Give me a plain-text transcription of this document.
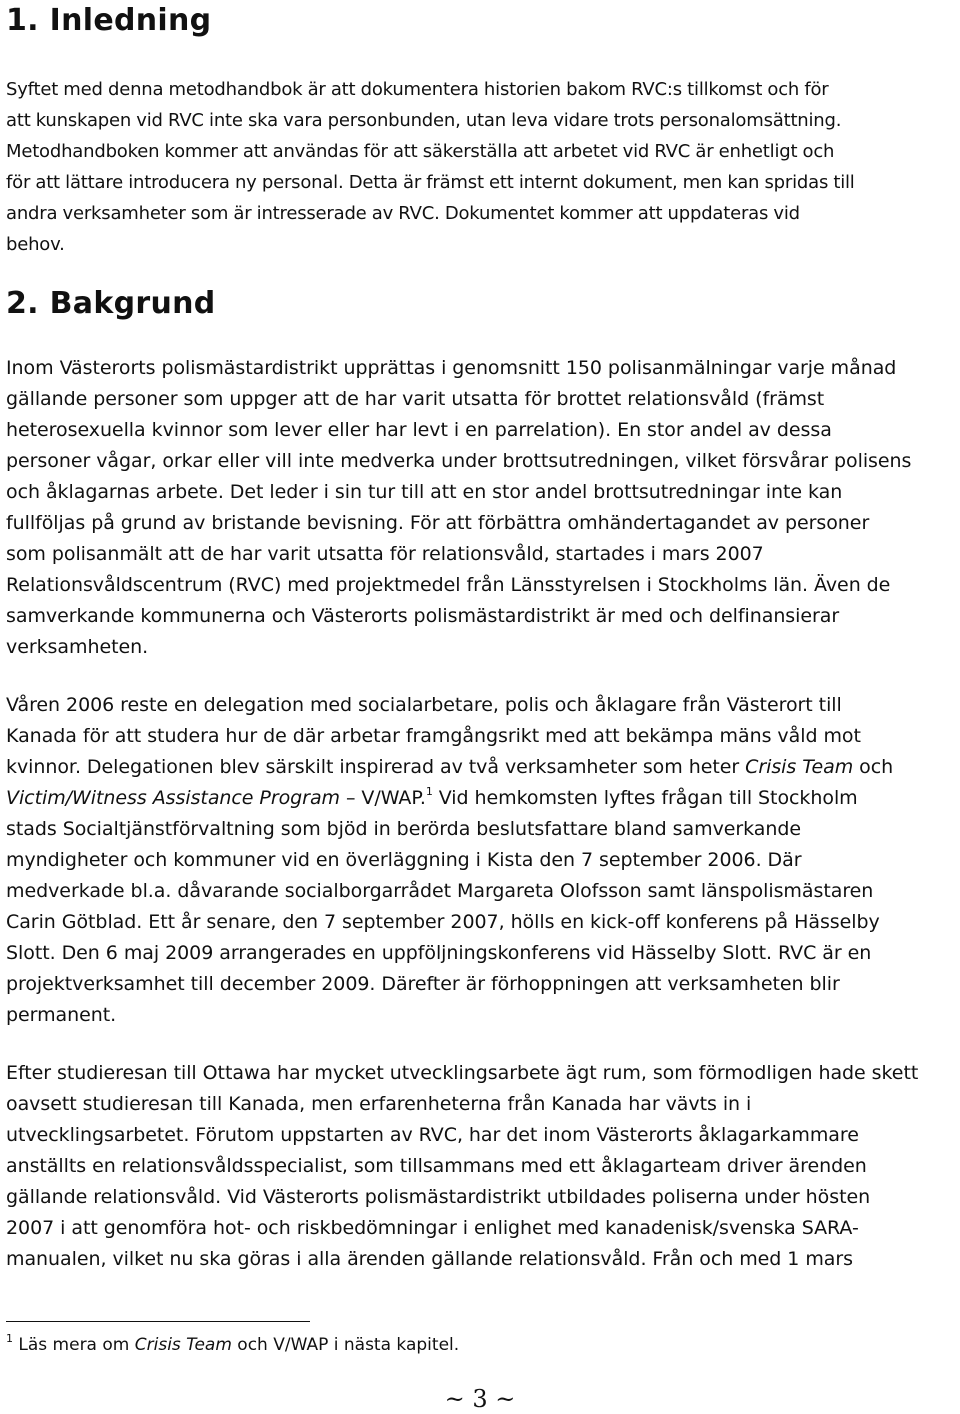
1. Inledning

Syftet med denna metodhandbok är att dokumentera historien bakom RVC:s tillkomst och för
att kunskapen vid RVC inte ska vara personbunden, utan leva vidare trots personalomsättning.
Metodhandboken kommer att användas för att säkerställa att arbetet vid RVC är enhetligt och
för att lättare introducera ny personal. Detta är främst ett internt dokument, men kan spridas till
andra verksamheter som är intresserade av RVC. Dokumentet kommer att uppdateras vid
behov.

2. Bakgrund

Inom Västerorts polismästardistrikt upprättas i genomsnitt 150 polisanmälningar varje månad
gällande personer som uppger att de har varit utsatta för brottet relationsvåld (främst
heterosexuella kvinnor som lever eller har levt i en parrelation). En stor andel av dessa
personer vågar, orkar eller vill inte medverka under brottsutredningen, vilket försvårar polisens
och åklagarnas arbete. Det leder i sin tur till att en stor andel brottsutredningar inte kan
fullföljas på grund av bristande bevisning. För att förbättra omhändertagandet av personer
som polisanmält att de har varit utsatta för relationsvåld, startades i mars 2007
Relationsvåldscentrum (RVC) med projektmedel från Länsstyrelsen i Stockholms län. Även de
samverkande kommunerna och Västerorts polismästardistrikt är med och delfinansierar
verksamheten.

Våren 2006 reste en delegation med socialarbetare, polis och åklagare från Västerort till
Kanada för att studera hur de där arbetar framgångsrikt med att bekämpa mäns våld mot
kvinnor. Delegationen blev särskilt inspirerad av två verksamheter som heter Crisis Team och
Victim/Witness Assistance Program – V/WAP.$^1$ Vid hemkomsten lyftes frågan till Stockholm
stads Socialtjänstförvaltning som bjöd in berörda beslutsfattare bland samverkande
myndigheter och kommuner vid en överläggning i Kista den 7 september 2006. Där
medverkade bl.a. dåvarande socialborgarrådet Margareta Olofsson samt länspolismästaren
Carin Götblad. Ett år senare, den 7 september 2007, hölls en kick-off konferens på Hässelby
Slott. Den 6 maj 2009 arrangerades en uppföljningskonferens vid Hässelby Slott. RVC är en
projektverksamhet till december 2009. Därefter är förhoppningen att verksamheten blir
permanent.

Efter studieresan till Ottawa har mycket utvecklingsarbete ägt rum, som förmodligen hade skett
oavsett studieresan till Kanada, men erfarenheterna från Kanada har vävts in i
utvecklingsarbetet. Förutom uppstarten av RVC, har det inom Västerorts åklagarkammare
anställts en relationsvåldsspecialist, som tillsammans med ett åklagarteam driver ärenden
gällande relationsvåld. Vid Västerorts polismästardistrikt utbildades poliserna under hösten
2007 i att genomföra hot- och riskbedömningar i enlighet med kanadenisk/svenska SARA-
manualen, vilket nu ska göras i alla ärenden gällande relationsvåld. Från och med 1 mars

$^1$ Läs mera om Crisis Team och V/WAP i nästa kapitel.
~ 3 ~
